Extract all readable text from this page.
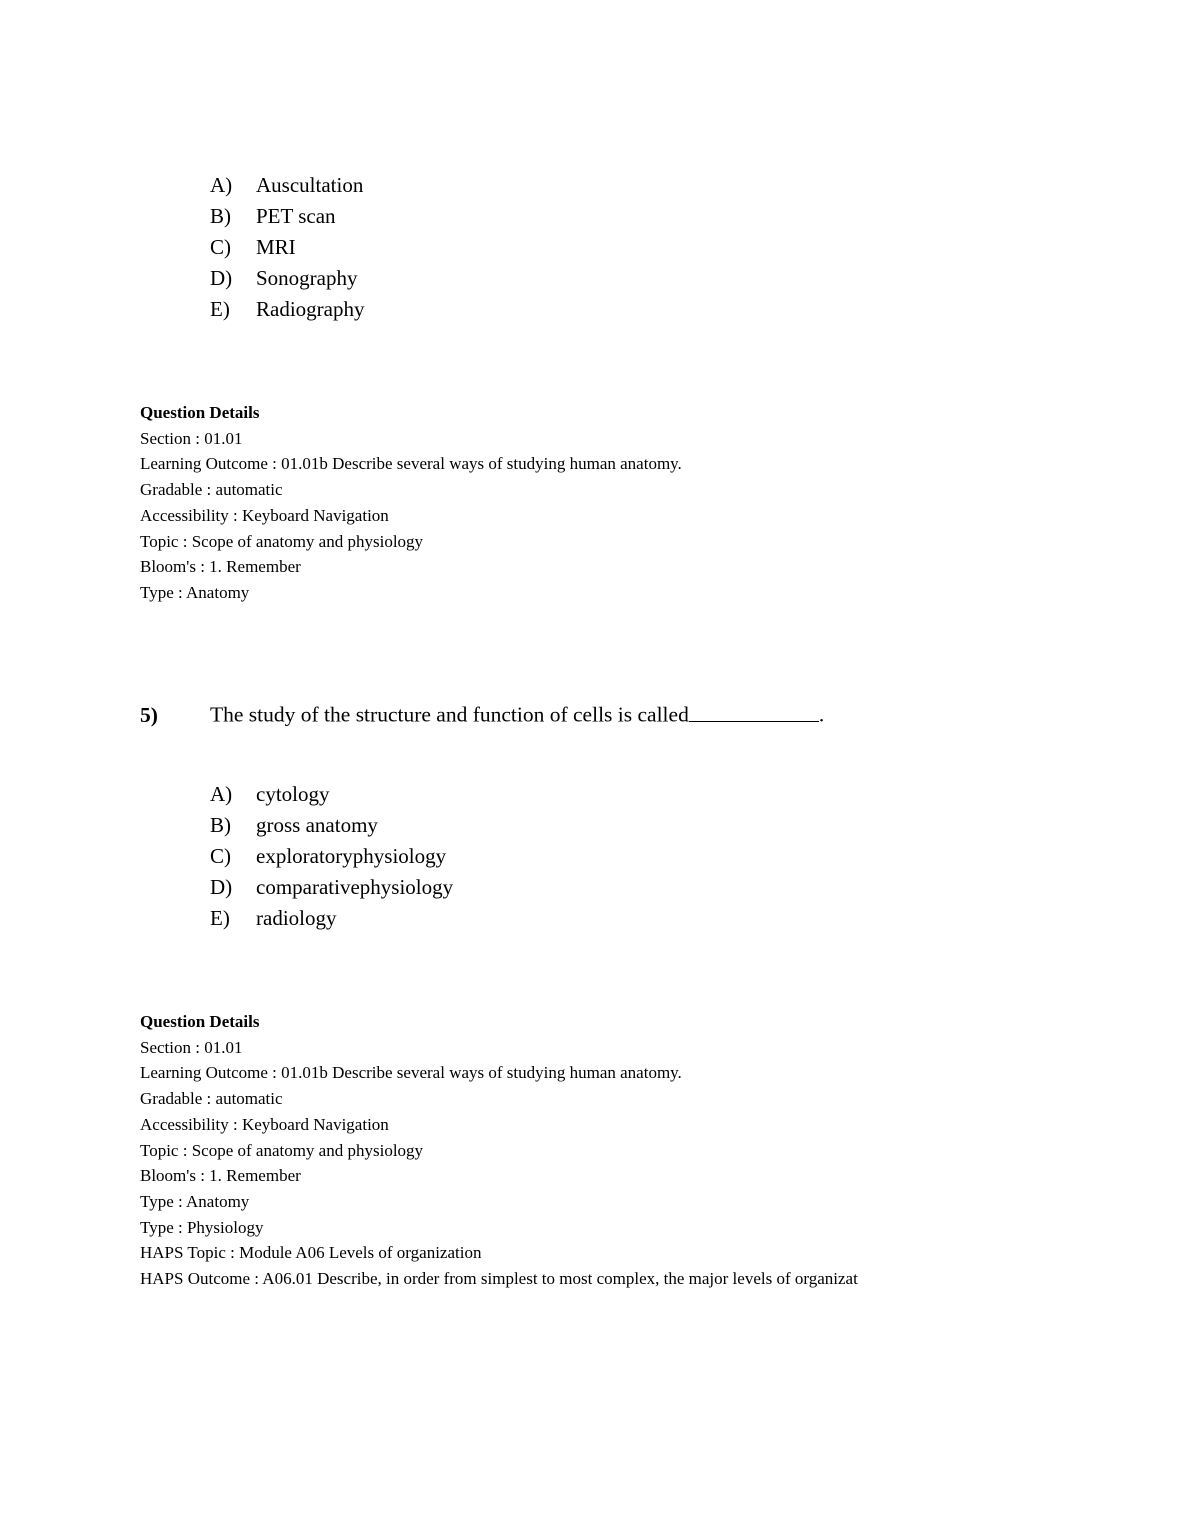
A)	Auscultation
B)	PET scan
C)	MRI
D)	Sonography
E)	Radiography
Question Details
Section : 01.01
Learning Outcome : 01.01b Describe several ways of studying human anatomy.
Gradable : automatic
Accessibility : Keyboard Navigation
Topic : Scope of anatomy and physiology
Bloom's : 1. Remember
Type : Anatomy
5) The study of the structure and function of cells is called	.
A)	cytology
B)	gross anatomy
C)	exploratoryphysiology
D)	comparativephysiology
E)	radiology
Question Details
Section : 01.01
Learning Outcome : 01.01b Describe several ways of studying human anatomy.
Gradable : automatic
Accessibility : Keyboard Navigation
Topic : Scope of anatomy and physiology
Bloom's : 1. Remember
Type : Anatomy
Type : Physiology
HAPS Topic : Module A06 Levels of organization
HAPS Outcome : A06.01 Describe, in order from simplest to most complex, the major levels of organizat
